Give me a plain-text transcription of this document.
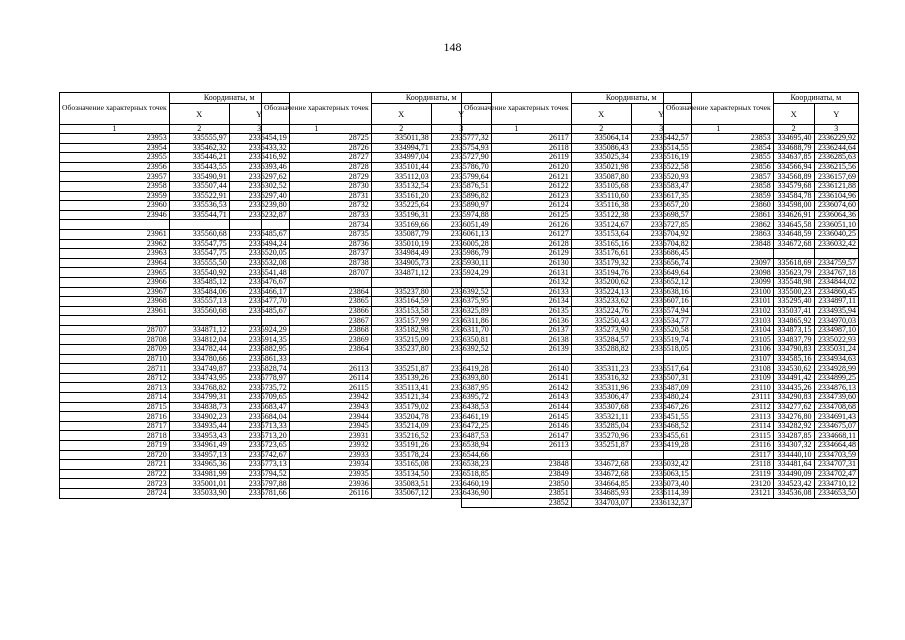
148
Обозначение характерных точек	Координаты, м	
	X	Y
1	2	3
23953	335555,97	2336454,19
23954	335462,32	2336433,32
23955	335446,21	2336416,92
23956	335443,55	2336393,46
23957	335490,91	2336297,62
23958	335507,44	2336302,52
23959	335522,91	2336297,40
23960	335536,53	2336239,80
23946	335544,71	2336232,87

23961	335560,68	2336485,67
23962	335547,75	2336494,24
23963	335547,75	2336520,05
23964	335555,50	2336532,08
23965	335540,92	2336541,48
23966	335485,12	2336476,67
23967	335484,06	2336466,17
23968	335557,13	2336477,70
23961	335560,68	2336485,67

28707	334871,12	2335924,29
28708	334812,04	2335914,35
28709	334782,44	2335882,95
28710	334780,66	2335861,33
28711	334749,87	2335828,74
28712	334743,95	2335778,97
28713	334768,82	2335735,72
28714	334799,31	2335709,65
28715	334838,73	2335683,47
28716	334902,23	2335684,04
28717	334935,44	2335713,33
28718	334953,43	2335713,20
28719	334961,49	2335723,65
28720	334957,13	2335742,67
28721	334965,36	2335773,13
28722	334981,99	2335794,52
28723	335001,01	2335797,88
28724	335033,90	2335781,66
Обозначение характерных точек	Координаты, м	
	X	Y
1	2	3
28725	335011,38	2335777,32
28726	334994,71	2335754,93
28727	334997,04	2335727,90
28728	335101,44	2335786,70
28729	335112,03	2335799,64
28730	335132,54	2335876,51
28731	335161,20	2335896,82
28732	335225,64	2335890,97
28733	335196,31	2335974,88
28734	335169,66	2336051,49
28735	335087,79	2336061,13
28736	335010,19	2336005,28
28737	334984,49	2335986,79
28738	334905,73	2335930,11
28707	334871,12	2335924,29

23864	335237,80	2336392,52
23865	335164,59	2336375,95
23866	335153,58	2336325,89
23867	335157,99	2336311,86
23868	335182,98	2336311,70
23869	335215,09	2336350,81
23864	335237,80	2336392,52

26113	335251,87	2336419,28
26114	335139,26	2336393,80
26115	335113,41	2336387,95
23942	335121,34	2336395,72
23943	335179,02	2336438,53
23944	335204,78	2336461,19
23945	335214,09	2336472,25
23931	335216,52	2336487,53
23932	335191,26	2336538,94
23933	335178,24	2336544,66
23934	335165,08	2336538,23
23935	335134,50	2336518,85
23936	335083,51	2336460,19
26116	335067,12	2336436,90
Обозначение характерных точек	Координаты, м	
	X	Y
1	2	3
26117	335064,14	2336442,57
26118	335086,43	2336514,55
26119	335025,34	2336516,19
26120	335021,98	2336522,58
26121	335087,80	2336520,93
26122	335105,68	2336583,47
26123	335110,60	2336617,35
26124	335116,38	2336657,20
26125	335122,38	2336698,57
26126	335124,67	2336727,85
26127	335153,64	2336704,92
26128	335165,16	2336704,82
26129	335176,61	2336686,45
26130	335179,32	2336656,74
26131	335194,76	2336649,64
26132	335200,62	2336652,12
26133	335224,13	2336638,16
26134	335233,62	2336607,16
26135	335224,76	2336574,94
26136	335250,43	2336534,77
26137	335273,90	2336520,58
26138	335284,57	2336519,74
26139	335288,82	2336518,05

26140	335311,23	2336517,64
26141	335316,32	2336507,31
26142	335311,96	2336487,09
26143	335306,47	2336480,24
26144	335307,68	2336467,26
26145	335321,11	2336451,55
26146	335285,04	2336468,52
26147	335270,96	2336455,61
26113	335251,87	2336419,28

23848	334672,68	2336032,42
23849	334672,68	2336063,15
23850	334664,85	2336073,40
23851	334685,93	2336114,39
23852	334703,07	2336132,37
Обозначение характерных точек	Координаты, м	
	X	Y
1	2	3
23853	334695,40	2336229,92
23854	334688,79	2336244,64
23855	334637,85	2336285,63
23856	334566,94	2336215,56
23857	334568,89	2336157,69
23858	334579,68	2336121,88
23859	334584,78	2336104,96
23860	334598,00	2336074,60
23861	334626,91	2336064,36
23862	334645,58	2336051,10
23863	334648,59	2336040,25
23848	334672,68	2336032,42

23097	335618,69	2334759,57
23098	335623,79	2334767,18
23099	335548,98	2334844,02
23100	335500,23	2334860,45
23101	335295,40	2334897,11
23102	335037,41	2334935,94
23103	334865,92	2334970,03
23104	334873,15	2334987,10
23105	334837,79	2335022,93
23106	334790,83	2335031,24
23107	334585,16	2334934,63
23108	334530,62	2334928,99
23109	334491,42	2334899,25
23110	334435,26	2334876,13
23111	334290,83	2334739,60
23112	334277,62	2334708,68
23113	334276,80	2334691,43
23114	334282,92	2334675,07
23115	334287,85	2334668,11
23116	334307,32	2334664,48
23117	334440,10	2334703,59
23118	334481,64	2334707,31
23119	334490,09	2334702,47
23120	334523,42	2334710,12
23121	334536,08	2334653,50
